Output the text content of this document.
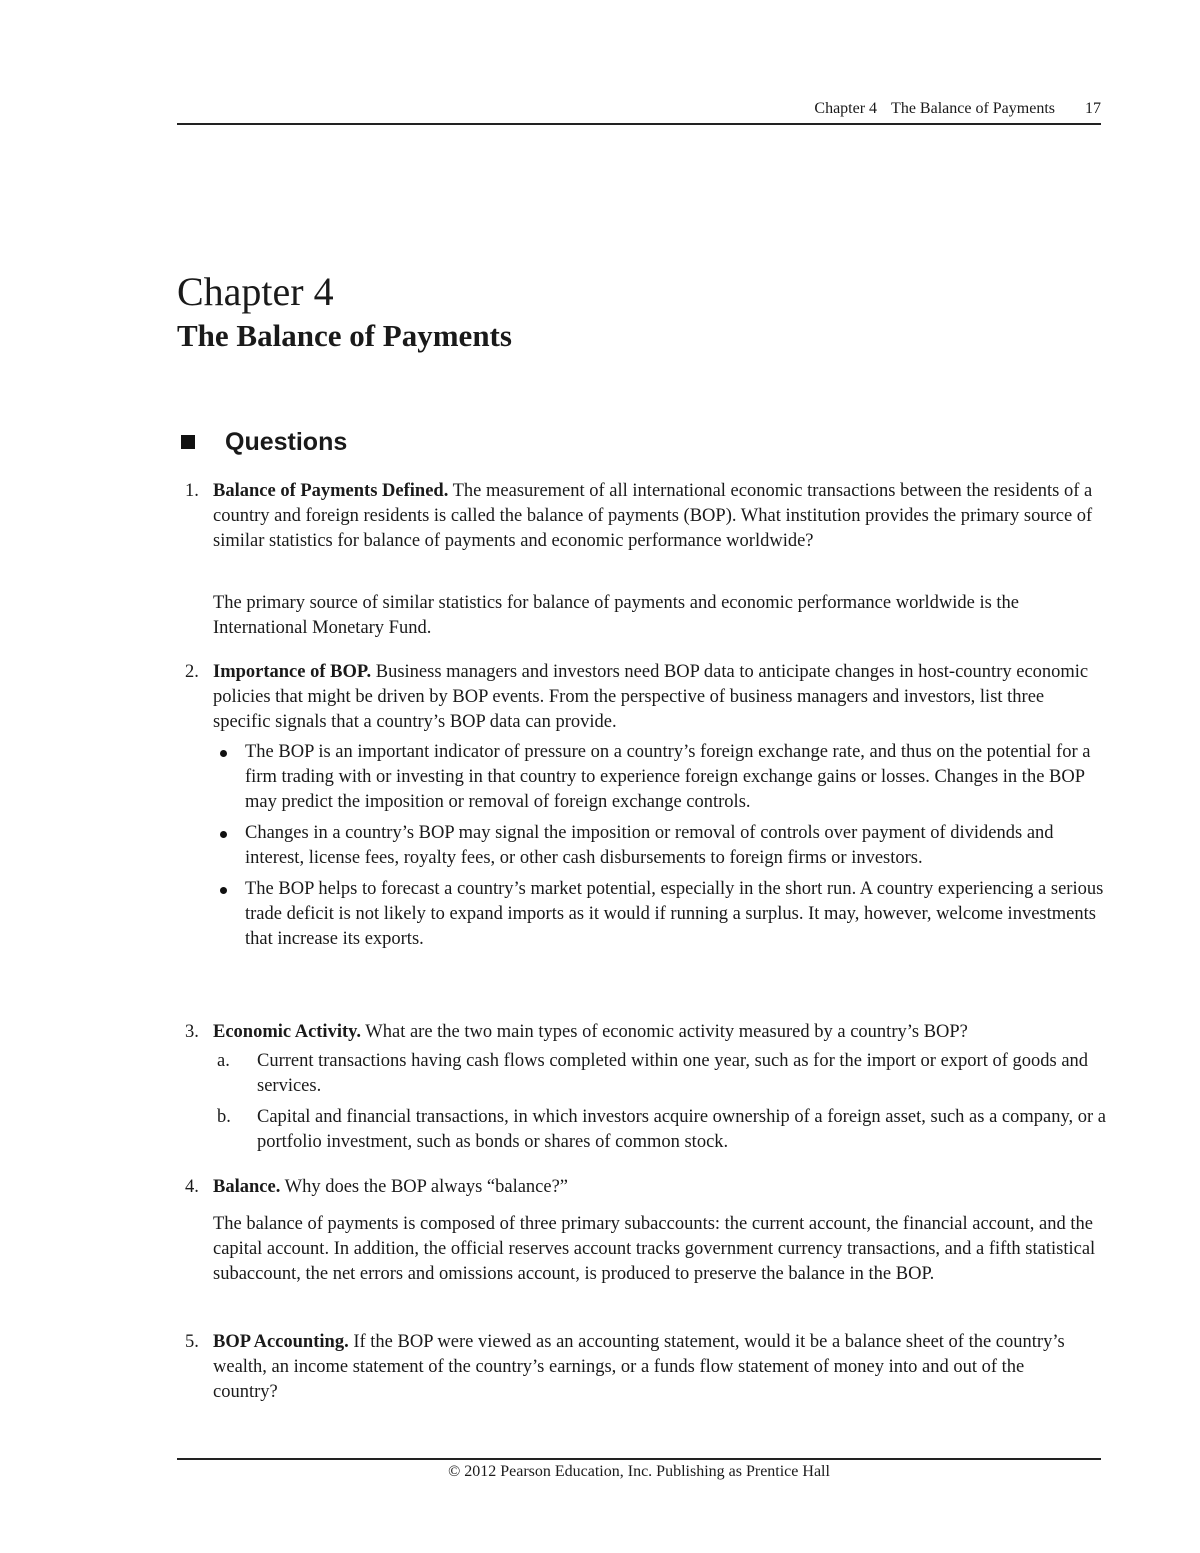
Chapter 4 The Balance of Payments 17
Chapter 4
The Balance of Payments
Questions
1. Balance of Payments Defined. The measurement of all international economic transactions between the residents of a country and foreign residents is called the balance of payments (BOP). What institution provides the primary source of similar statistics for balance of payments and economic performance worldwide?

The primary source of similar statistics for balance of payments and economic performance worldwide is the International Monetary Fund.
2. Importance of BOP. Business managers and investors need BOP data to anticipate changes in host-country economic policies that might be driven by BOP events. From the perspective of business managers and investors, list three specific signals that a country’s BOP data can provide.

The BOP is an important indicator of pressure on a country’s foreign exchange rate, and thus on the potential for a firm trading with or investing in that country to experience foreign exchange gains or losses. Changes in the BOP may predict the imposition or removal of foreign exchange controls.
Changes in a country’s BOP may signal the imposition or removal of controls over payment of dividends and interest, license fees, royalty fees, or other cash disbursements to foreign firms or investors.
The BOP helps to forecast a country’s market potential, especially in the short run. A country experiencing a serious trade deficit is not likely to expand imports as it would if running a surplus. It may, however, welcome investments that increase its exports.
3. Economic Activity. What are the two main types of economic activity measured by a country’s BOP?

a. Current transactions having cash flows completed within one year, such as for the import or export of goods and services.
b. Capital and financial transactions, in which investors acquire ownership of a foreign asset, such as a company, or a portfolio investment, such as bonds or shares of common stock.
4. Balance. Why does the BOP always “balance?”

The balance of payments is composed of three primary subaccounts: the current account, the financial account, and the capital account. In addition, the official reserves account tracks government currency transactions, and a fifth statistical subaccount, the net errors and omissions account, is produced to preserve the balance in the BOP.
5. BOP Accounting. If the BOP were viewed as an accounting statement, would it be a balance sheet of the country’s wealth, an income statement of the country’s earnings, or a funds flow statement of money into and out of the country?

© 2012 Pearson Education, Inc. Publishing as Prentice Hall
